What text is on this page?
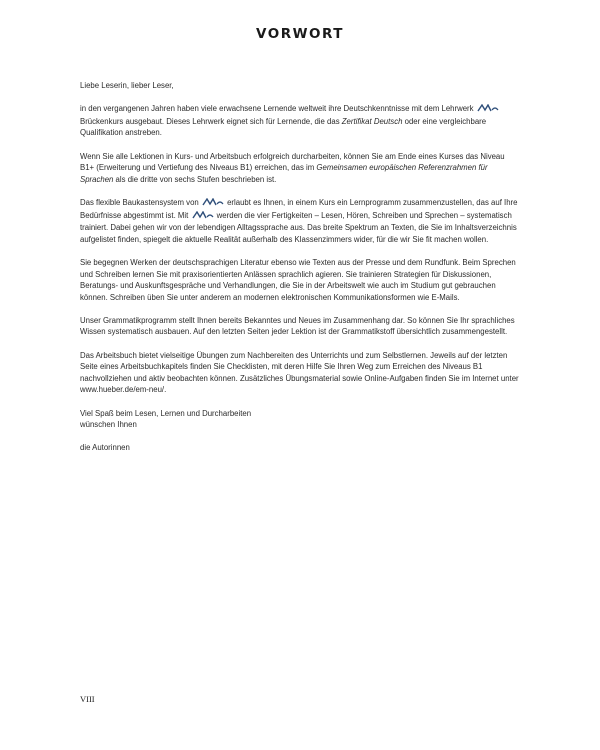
VORWORT

Liebe Leserin, lieber Leser,

in den vergangenen Jahren haben viele erwachsene Lernende weltweit ihre Deutschkenntnisse mit dem Lehrwerk
Brückenkurs ausgebaut. Dieses Lehrwerk eignet sich für Lernende, die das Zertifikat Deutsch oder eine vergleichbare Qualifikation anstreben.

Wenn Sie alle Lektionen in Kurs- und Arbeitsbuch erfolgreich durcharbeiten, können Sie am Ende eines Kurses das Niveau B1+ (Erweiterung und Vertiefung des Niveaus B1) erreichen, das im Gemeinsamen europäischen Referenzrahmen für Sprachen als die dritte von sechs Stufen beschrieben ist.

Das flexible Baukastensystem von	erlaubt es Ihnen, in einem Kurs ein Lernprogramm zusammenzustellen, das auf Ihre Bedürfnisse abgestimmt ist. Mit	werden die vier Fertigkeiten – Lesen, Hören, Schreiben und Sprechen – systematisch trainiert. Dabei gehen wir von der lebendigen Alltagssprache aus. Das breite Spektrum an Texten, die Sie im Inhaltsverzeichnis aufgelistet finden, spiegelt die aktuelle Realität außerhalb des Klassenzimmers wider, für die wir Sie fit machen wollen.

Sie begegnen Werken der deutschsprachigen Literatur ebenso wie Texten aus der Presse und dem Rundfunk. Beim Sprechen und Schreiben lernen Sie mit praxisorientierten Anlässen sprachlich agieren. Sie trainieren Strategien für Diskussionen, Beratungs- und Auskunftsgespräche und Verhandlungen, die Sie in der Arbeitswelt wie auch im Studium gut gebrauchen können. Schreiben üben Sie unter anderem an modernen elektronischen Kommunikationsformen wie E-Mails.

Unser Grammatikprogramm stellt Ihnen bereits Bekanntes und Neues im Zusammenhang dar. So können Sie Ihr sprachliches Wissen systematisch ausbauen. Auf den letzten Seiten jeder Lektion ist der Grammatikstoff übersichtlich zusammengestellt.

Das Arbeitsbuch bietet vielseitige Übungen zum Nachbereiten des Unterrichts und zum Selbstlernen. Jeweils auf der letzten Seite eines Arbeitsbuchkapitels finden Sie Checklisten, mit deren Hilfe Sie Ihren Weg zum Erreichen des Niveaus B1 nachvollziehen und aktiv beobachten können. Zusätzliches Übungsmaterial sowie Online-Aufgaben finden Sie im Internet unter www.hueber.de/em-neu/.

Viel Spaß beim Lesen, Lernen und Durcharbeiten

wünschen Ihnen

die Autorinnen

VIII
